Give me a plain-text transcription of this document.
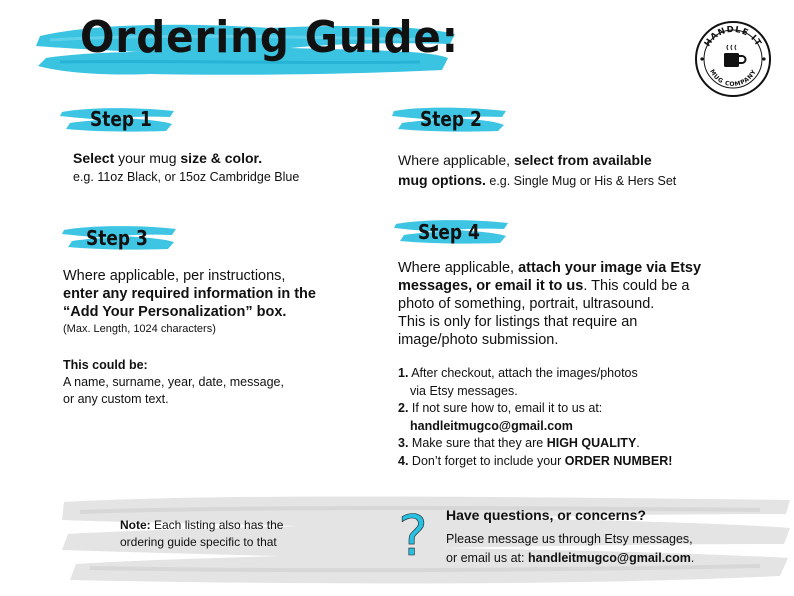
Ordering Guide:	HANDLE IT
MUG COMPANY
Step 1	Step 2
Step 3	Step 4
Select your mug size & color.
e.g. 11oz Black, or 15oz Cambridge Blue
Where applicable, select from available
mug options. e.g. Single Mug or His & Hers Set
Where applicable, per instructions,
enter any required information in the
“Add Your Personalization” box.
(Max. Length, 1024 characters)
This could be:
A name, surname, year, date, message,
or any custom text.
Where applicable, attach your image via Etsy
messages, or email it to us. This could be a
photo of something, portrait, ultrasound.
This is only for listings that require an
image/photo submission.
1. After checkout, attach the images/photos
via Etsy messages.
2. If not sure how to, email it to us at:
handleitmugco@gmail.com
3. Make sure that they are HIGH QUALITY.
4. Don’t forget to include your ORDER NUMBER!
Note: Each listing also has the
ordering guide specific to that ? Have questions, or concerns?
Please message us through Etsy messages,
or email us at: handleitmugco@gmail.com.
